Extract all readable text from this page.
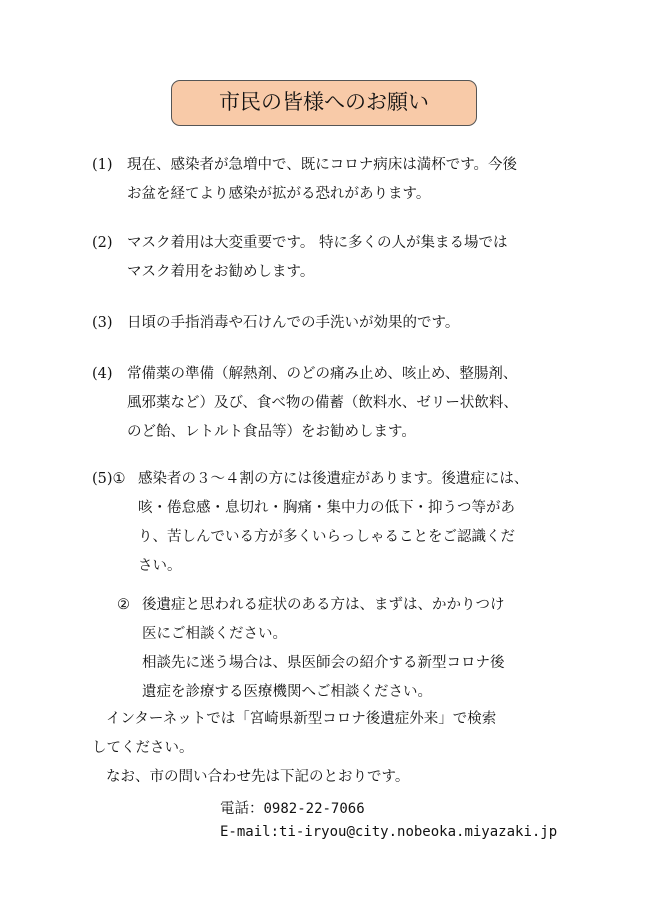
市民の皆様へのお願い
(1) 現在、感染者が急増中で、既にコロナ病床は満杯です。今後
お盆を経てより感染が拡がる恐れがあります。
(2) マスク着用は大変重要です。 特に多くの人が集まる場では
マスク着用をお勧めします。
(3) 日頃の手指消毒や石けんでの手洗いが効果的です。
(4) 常備薬の準備（解熱剤、のどの痛み止め、咳止め、整腸剤、
風邪薬など）及び、食べ物の備蓄（飲料水、ゼリー状飲料、
のど飴、レトルト食品等）をお勧めします。
(5)① 感染者の３～４割の方には後遺症があります。後遺症には、
咳・倦怠感・息切れ・胸痛・集中力の低下・抑うつ等があ
り、苦しんでいる方が多くいらっしゃることをご認識くだ
さい。
② 後遺症と思われる症状のある方は、まずは、かかりつけ
医にご相談ください。
相談先に迷う場合は、県医師会の紹介する新型コロナ後
遺症を診療する医療機関へご相談ください。
インターネットでは「宮崎県新型コロナ後遺症外来」で検索
してください。
なお、市の問い合わせ先は下記のとおりです。
電話：0982-22-7066
E-mail:ti-iryou@city.nobeoka.miyazaki.jp
